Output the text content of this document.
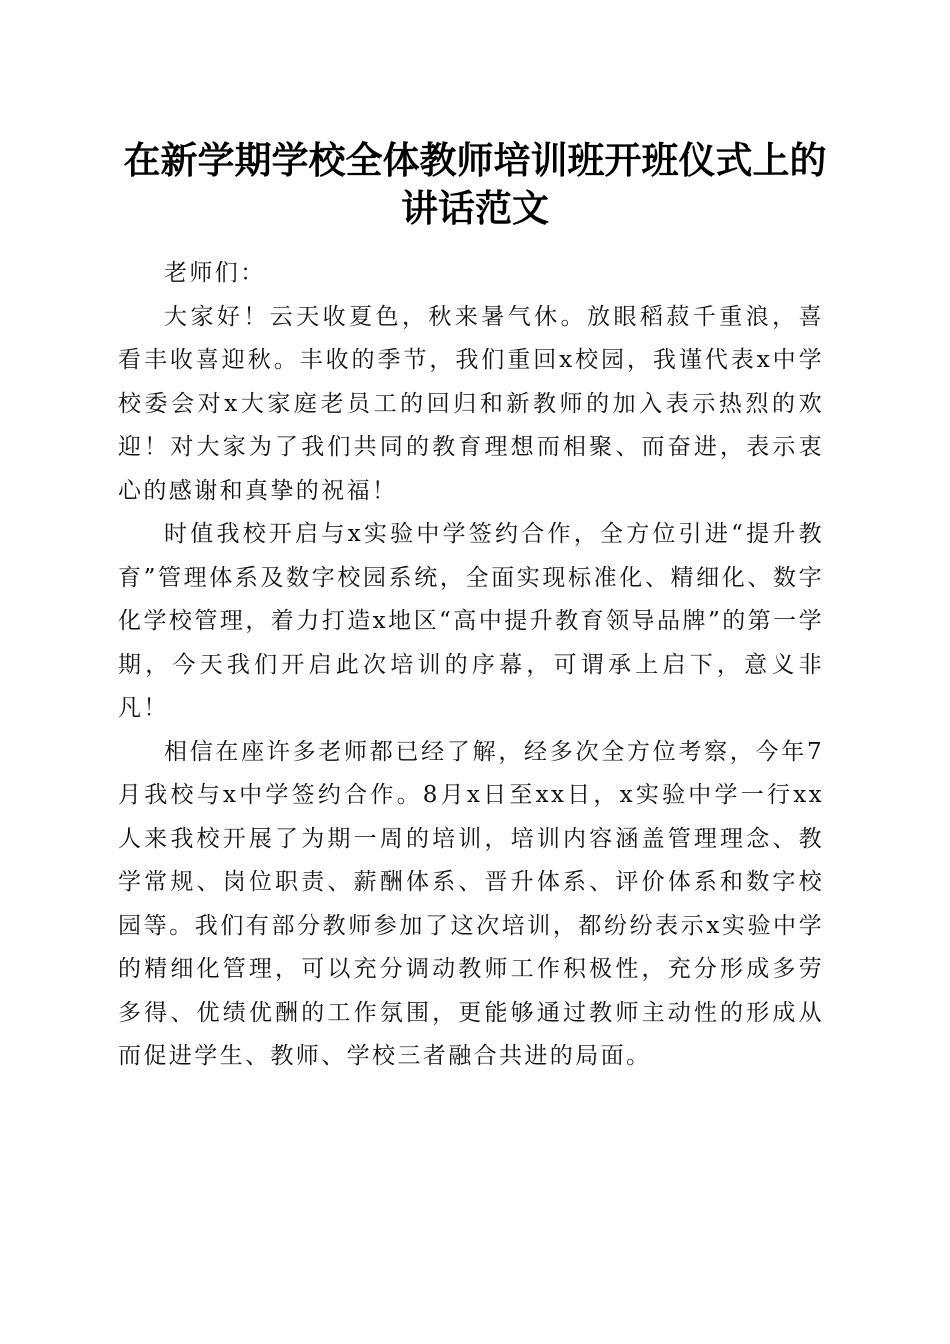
在新学期学校全体教师培训班开班仪式上的讲话范文

老师们：

大家好！云天收夏色，秋来暑气休。放眼稻菽千重浪，喜看丰收喜迎秋。丰收的季节，我们重回x校园，我谨代表x中学校委会对x大家庭老员工的回归和新教师的加入表示热烈的欢迎！对大家为了我们共同的教育理想而相聚、而奋进，表示衷心的感谢和真挚的祝福！

时值我校开启与x实验中学签约合作，全方位引进“提升教育”管理体系及数字校园系统，全面实现标准化、精细化、数字化学校管理，着力打造x地区“高中提升教育领导品牌”的第一学期，今天我们开启此次培训的序幕，可谓承上启下，意义非凡！

相信在座许多老师都已经了解，经多次全方位考察，今年7月我校与x中学签约合作。8月x日至xx日，x实验中学一行xx人来我校开展了为期一周的培训，培训内容涵盖管理理念、教学常规、岗位职责、薪酬体系、晋升体系、评价体系和数字校园等。我们有部分教师参加了这次培训，都纷纷表示x实验中学的精细化管理，可以充分调动教师工作积极性，充分形成多劳多得、优绩优酬的工作氛围，更能够通过教师主动性的形成从而促进学生、教师、学校三者融合共进的局面。
